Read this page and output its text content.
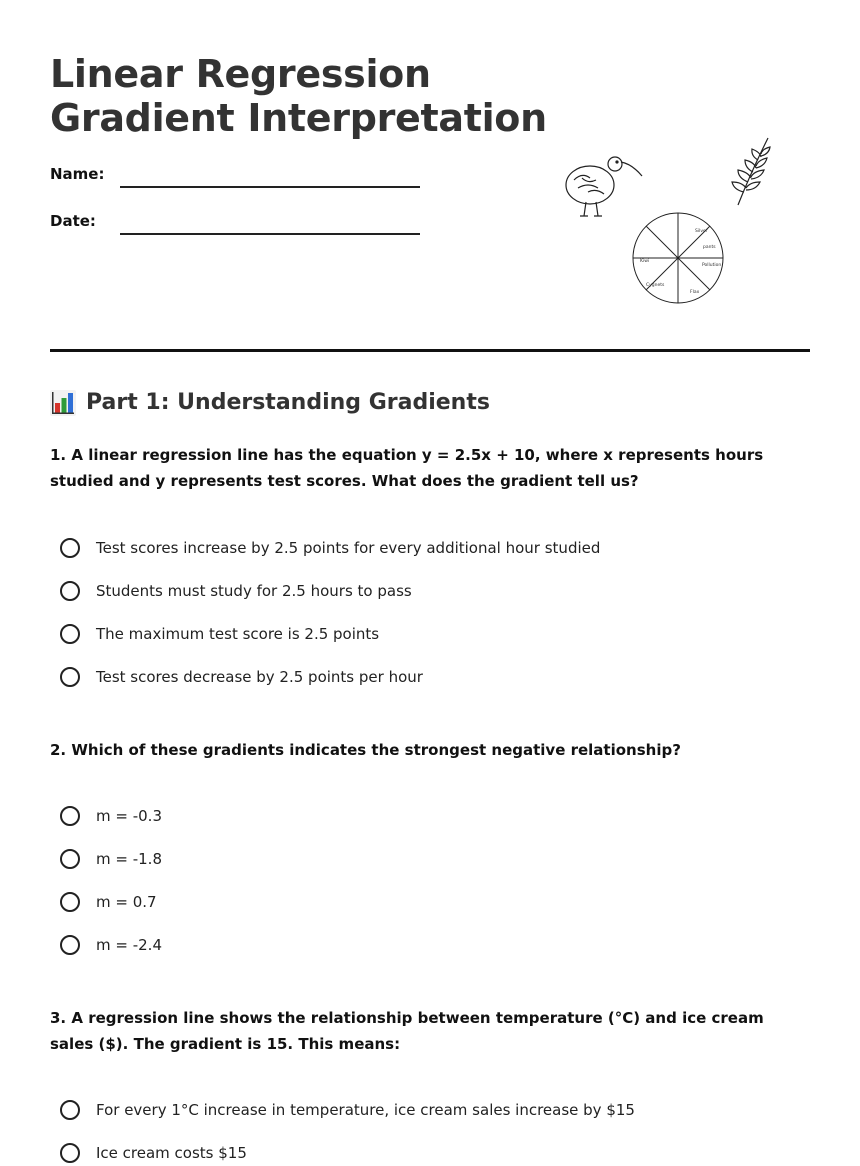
Linear Regression
Gradient Interpretation
Name:
Date:
Silver
pants
Pollution
Flax
Cygnets
Kiwi
Part 1: Understanding Gradients

1. A linear regression line has the equation y = 2.5x + 10, where x represents hours studied and y represents test scores. What does the gradient tell us?

Test scores increase by 2.5 points for every additional hour studied
Students must study for 2.5 hours to pass
The maximum test score is 2.5 points
Test scores decrease by 2.5 points per hour

2. Which of these gradients indicates the strongest negative relationship?

m = -0.3
m = -1.8
m = 0.7
m = -2.4

3. A regression line shows the relationship between temperature (°C) and ice cream sales ($). The gradient is 15. This means:

For every 1°C increase in temperature, ice cream sales increase by $15
Ice cream costs $15
